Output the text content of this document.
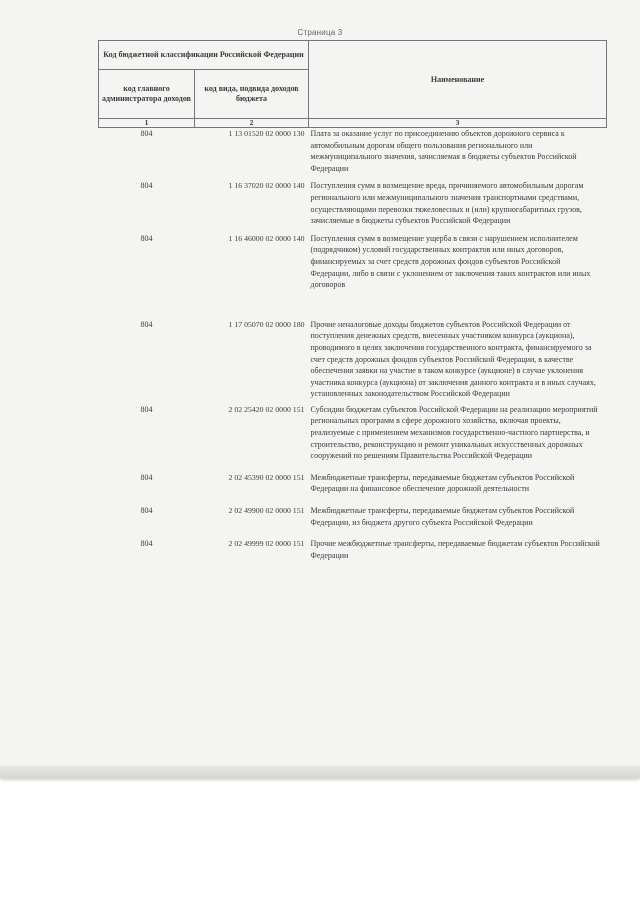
Страница 3
Код бюджетной классификации Российской Федерации		Наименование
код главного администратора доходов	код вида, подвида доходов бюджета	
1	2	3
804	1 13 01520 02 0000 130	Плата за оказание услуг по присоединению объектов дорожного сервиса к автомобильным дорогам общего пользования регионального или межмуниципального значения, зачисляемая в бюджеты субъектов Российской Федерации
804	1 16 37020 02 0000 140	Поступления сумм в возмещение вреда, причиняемого автомобильным дорогам регионального или межмуниципального значения транспортными средствами, осуществляющими перевозки тяжеловесных и (или) крупногабаритных грузов, зачисляемые в бюджеты субъектов Российской Федерации
804	1 16 46000 02 0000 140	Поступления сумм в возмещение ущерба в связи с нарушением исполнителем (подрядчиком) условий государственных контрактов или иных договоров, финансируемых за счет средств дорожных фондов субъектов Российской Федерации, либо в связи с уклонением от заключения таких контрактов или иных договоров
804	1 17 05070 02 0000 180	Прочие неналоговые доходы бюджетов субъектов Российской Федерации от поступления денежных средств, внесенных участником конкурса (аукциона), проводимого в целях заключения государственного контракта, финансируемого за счет средств дорожных фондов субъектов Российской Федерации, в качестве обеспечения заявки на участие в таком конкурсе (аукционе) в случае уклонения участника конкурса (аукциона) от заключения данного контракта и в иных случаях, установленных законодательством Российской Федерации
804	2 02 25420 02 0000 151	Субсидии бюджетам субъектов Российской Федерации на реализацию мероприятий региональных программ в сфере дорожного хозяйства, включая проекты, реализуемые с применением механизмов государственно-частного партнерства, и строительство, реконструкцию и ремонт уникальных искусственных дорожных сооружений по решениям Правительства Российской Федерации
804	2 02 45390 02 0000 151	Межбюджетные трансферты, передаваемые бюджетам субъектов Российской Федерации на финансовое обеспечение дорожной деятельности
804	2 02 49900 02 0000 151	Межбюджетные трансферты, передаваемые бюджетам субъектов Российской Федерации, из бюджета другого субъекта Российской Федерации
804	2 02 49999 02 0000 151	Прочие межбюджетные трансферты, передаваемые бюджетам субъектов Российской Федерации
